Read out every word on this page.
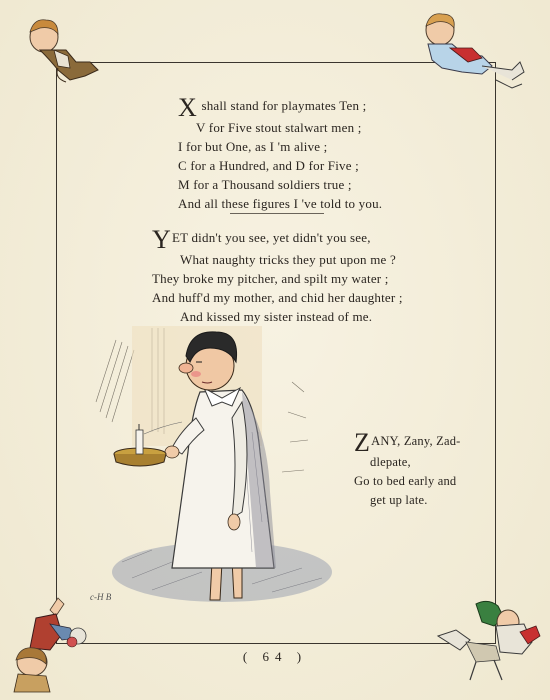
X shall stand for playmates Ten ;
V for Five stout stalwart men ;
I for but One, as I 'm alive ;
C for a Hundred, and D for Five ;
M for a Thousand soldiers true ;
And all these figures I 've told to you.
YET didn't you see, yet didn't you see,
What naughty tricks they put upon me ?
They broke my pitcher, and spilt my water ;
And huff'd my mother, and chid her daughter ;
And kissed my sister instead of me.
c-H B
ZANY, Zany, Zad-
dlepate,
Go to bed early and
get up late.
( 64 )
